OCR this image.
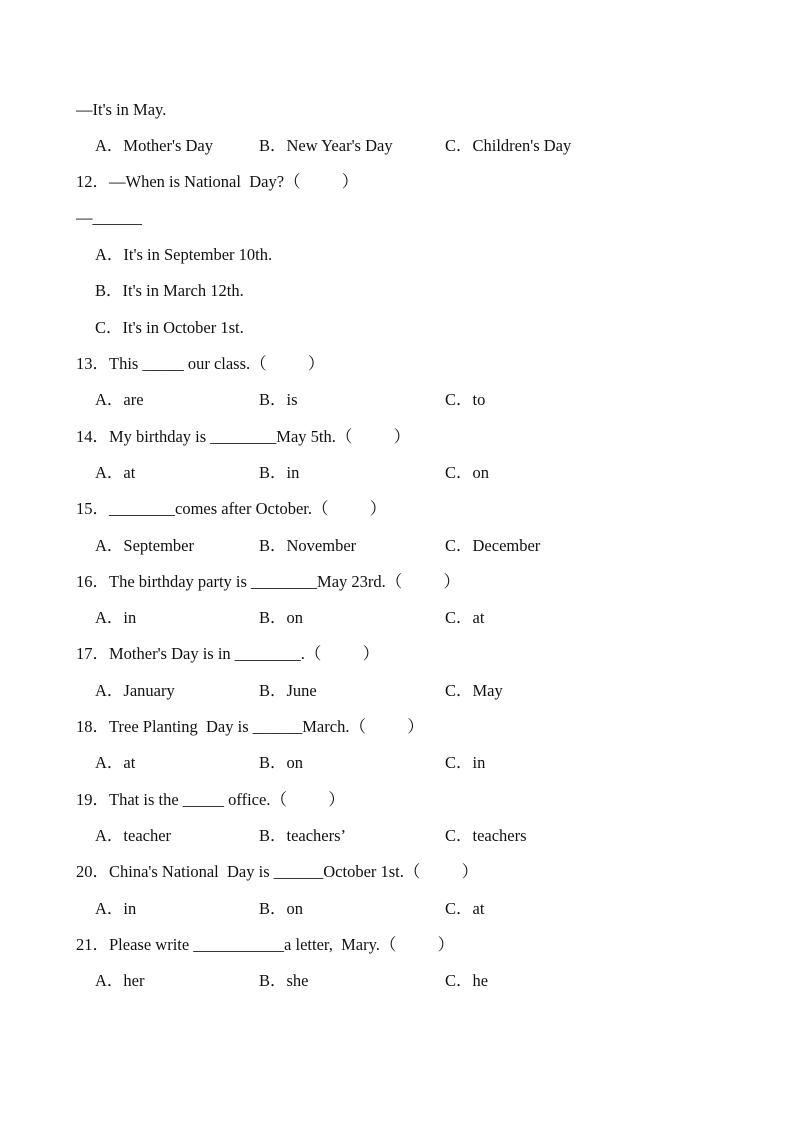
—It's in May.

A．Mother's Day

	B．New Year's Day

	C．Children's Day

12．—When is National  Day?（          ）
—______
A．It's in September 10th.
B．It's in March 12th.
C．It's in October 1st.
13．This _____ our class.（          ）

A．are

	B．is

	C．to

14．My birthday is ________May 5th.（          ）

A．at

	B．in

	C．on

15．________comes after October.（          ）

A．September

	B．November

	C．December

16．The birthday party is ________May 23rd.（          ）

A．in

	B．on

	C．at

17．Mother's Day is in ________.（          ）

A．January

	B．June

	C．May

18．Tree Planting  Day is ______March.（          ）

A．at

	B．on

	C．in

19．That is the _____ office.（          ）

A．teacher

	B．teachers’

	C．teachers

20．China's National  Day is ______October 1st.（          ）

A．in

	B．on

	C．at

21．Please write ___________a letter,  Mary.（          ）

A．her

	B．she

	C．he
